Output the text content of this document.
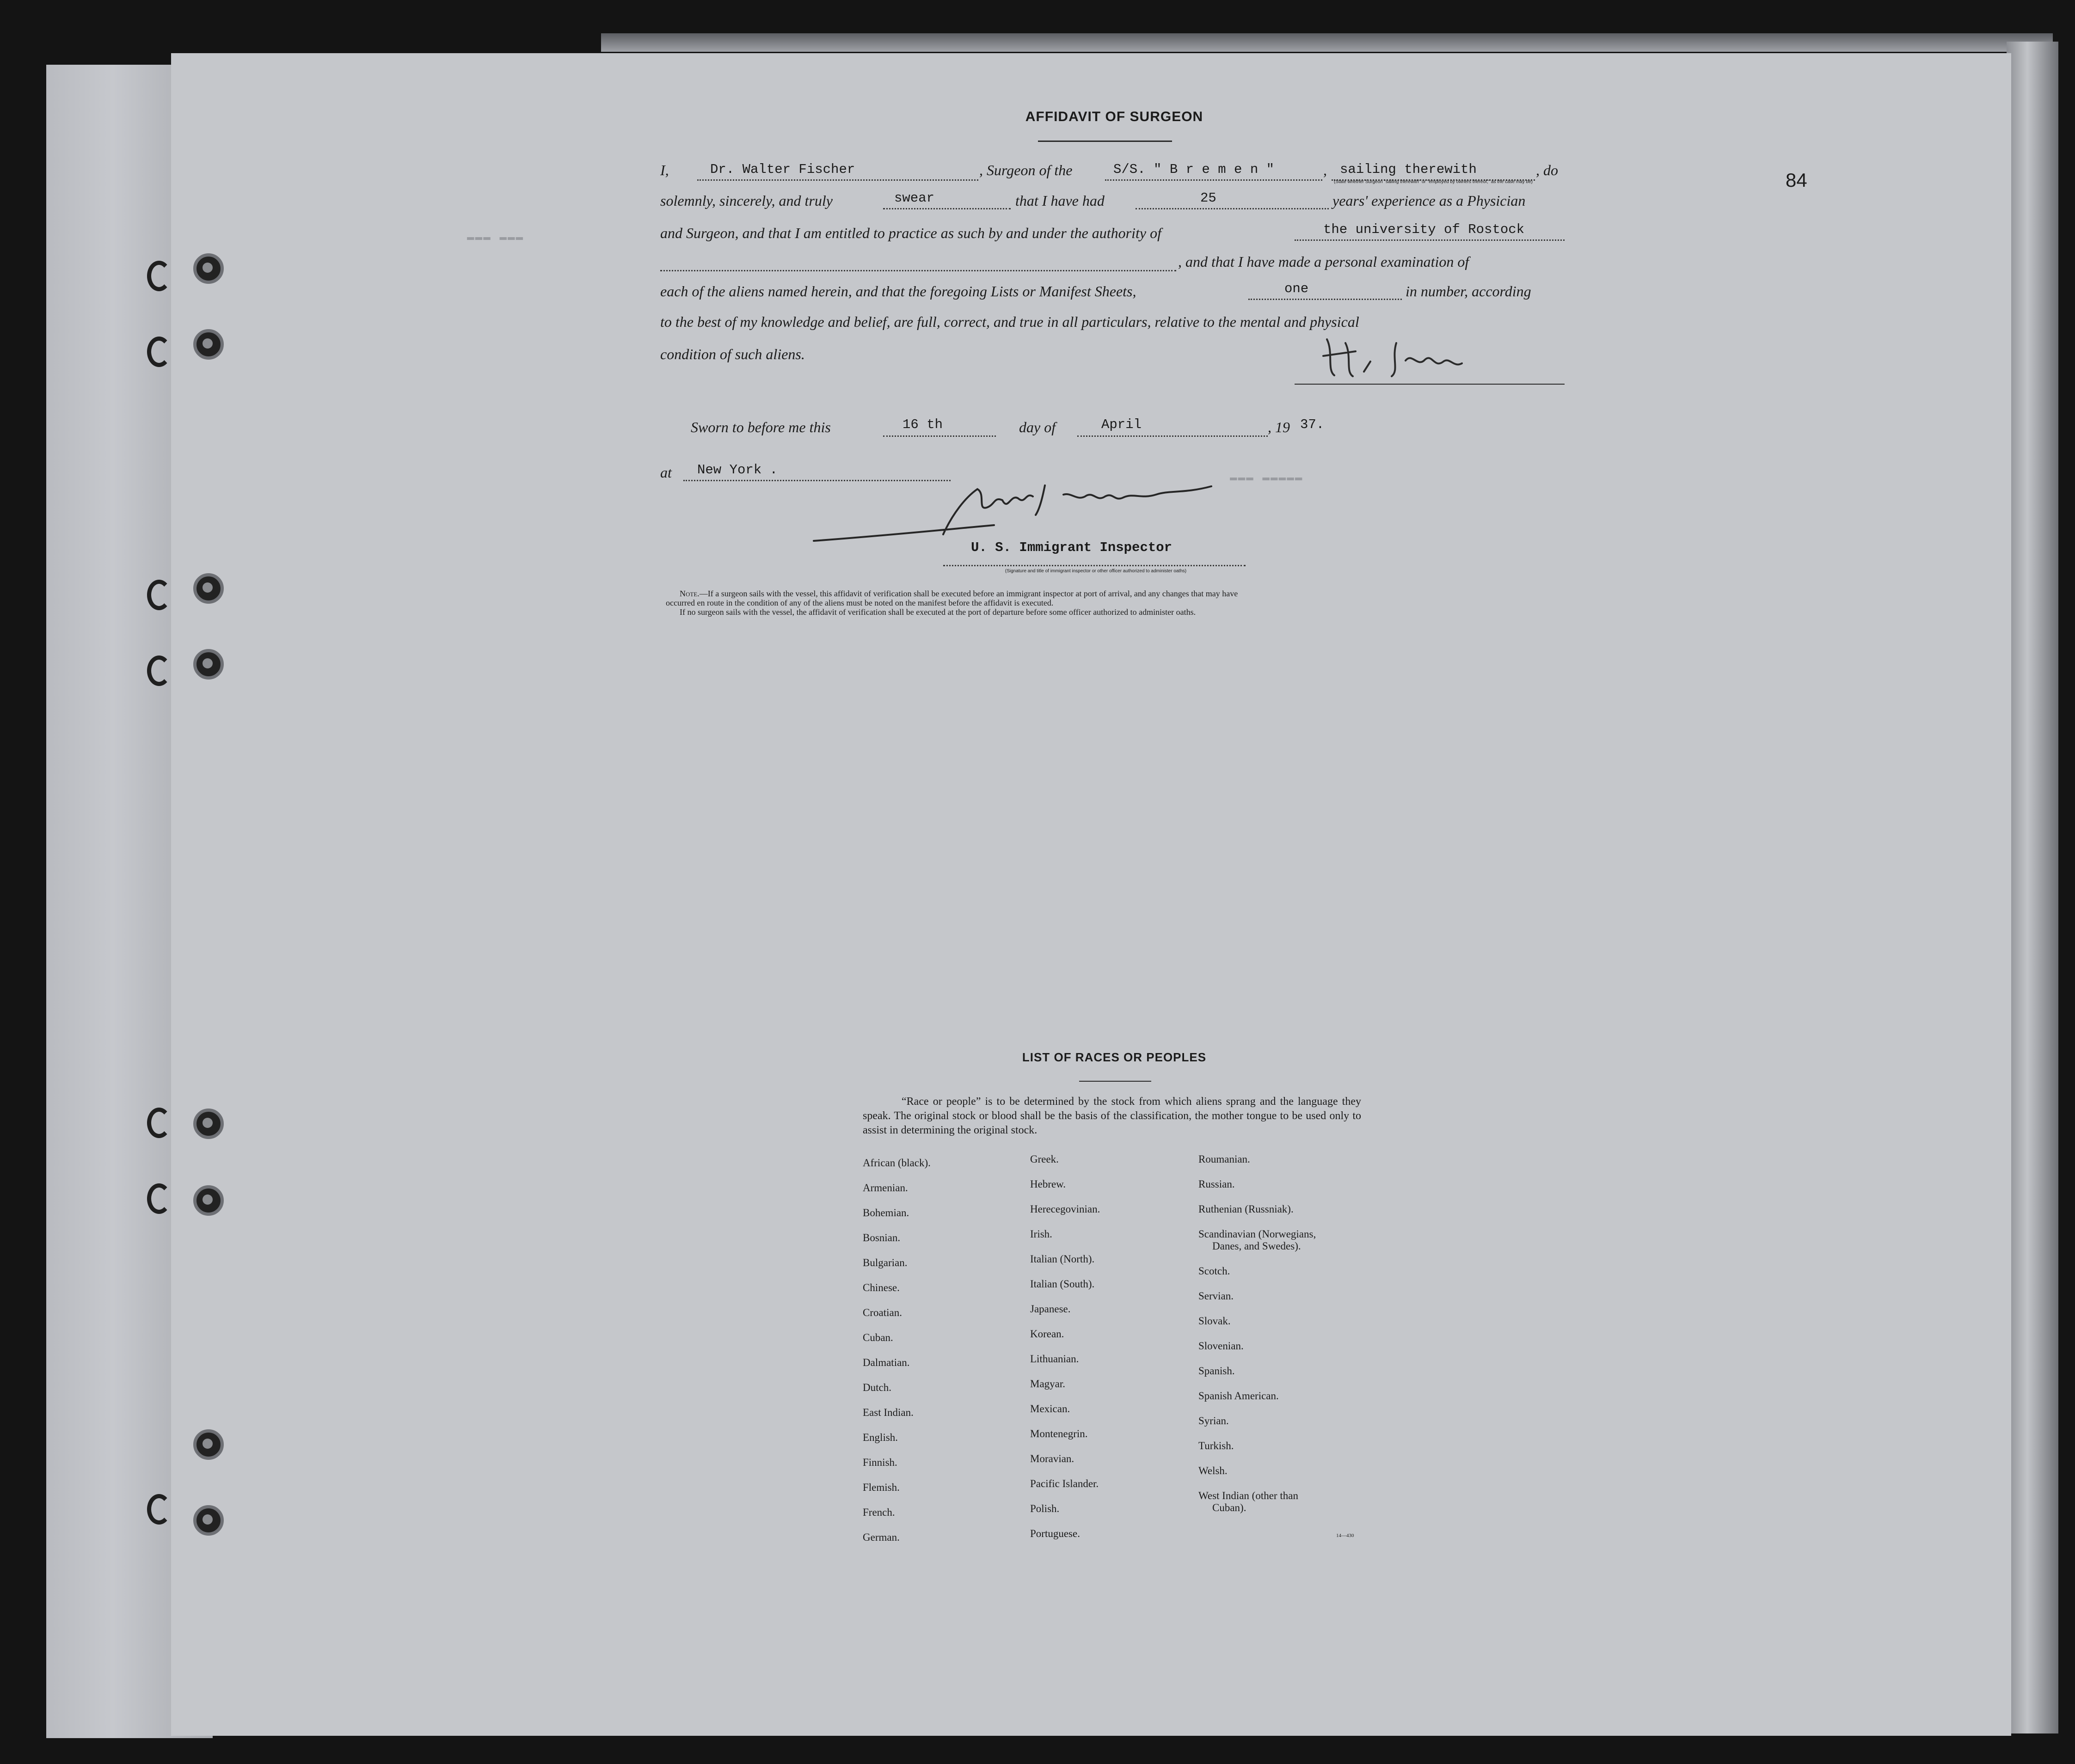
▬▬▬ ▬▬▬
▬▬▬ ▬▬▬▬▬
AFFIDAVIT OF SURGEON
I,	Dr. Walter Fischer	, Surgeon of the	S/S. " B r e m e n "	, sailing therewith	, do
(State whether Surgeon "sailing therewith" or "employed by owners thereof," as the case may be)
solemnly, sincerely, and truly	swear	that I have had	25	years' experience as a Physician
and Surgeon, and that I am entitled to practice as such by and under the authority of	the university of Rostock
, and that I have made a personal examination of
each of the aliens named herein, and that the foregoing Lists or Manifest Sheets,	one	in number, according
to the best of my knowledge and belief, are full, correct, and true in all particulars, relative to the mental and physical
condition of such aliens.
Sworn to before me this	16 th	day of	April	, 19 37.
at New York .
U. S. Immigrant Inspector
(Signature and title of immigrant inspector or other officer authorized to administer oaths)
Note.—If a surgeon sails with the vessel, this affidavit of verification shall be executed before an immigrant inspector at port of arrival, and any changes that may have
occurred en route in the condition of any of the aliens must be noted on the manifest before the affidavit is executed.
If no surgeon sails with the vessel, the affidavit of verification shall be executed at the port of departure before some officer authorized to administer oaths.
84
LIST OF RACES OR PEOPLES
“Race or people” is to be determined by the stock from which aliens sprang and the language they speak. The original stock or blood shall be the basis of the classification, the mother tongue to be used only to assist in determining the original stock.
African (black).
Armenian.
Bohemian.
Bosnian.
Bulgarian.
Chinese.
Croatian.
Cuban.
Dalmatian.
Dutch.
East Indian.
English.
Finnish.
Flemish.
French.
German.
Greek.
Hebrew.
Herecegovinian.
Irish.
Italian (North).
Italian (South).
Japanese.
Korean.
Lithuanian.
Magyar.
Mexican.
Montenegrin.
Moravian.
Pacific Islander.
Polish.
Portuguese.
Roumanian.
Russian.
Ruthenian (Russniak).
Scandinavian (Norwegians,
Danes, and Swedes).
Scotch.
Servian.
Slovak.
Slovenian.
Spanish.
Spanish American.
Syrian.
Turkish.
Welsh.
West Indian (other than
Cuban).
14—430
